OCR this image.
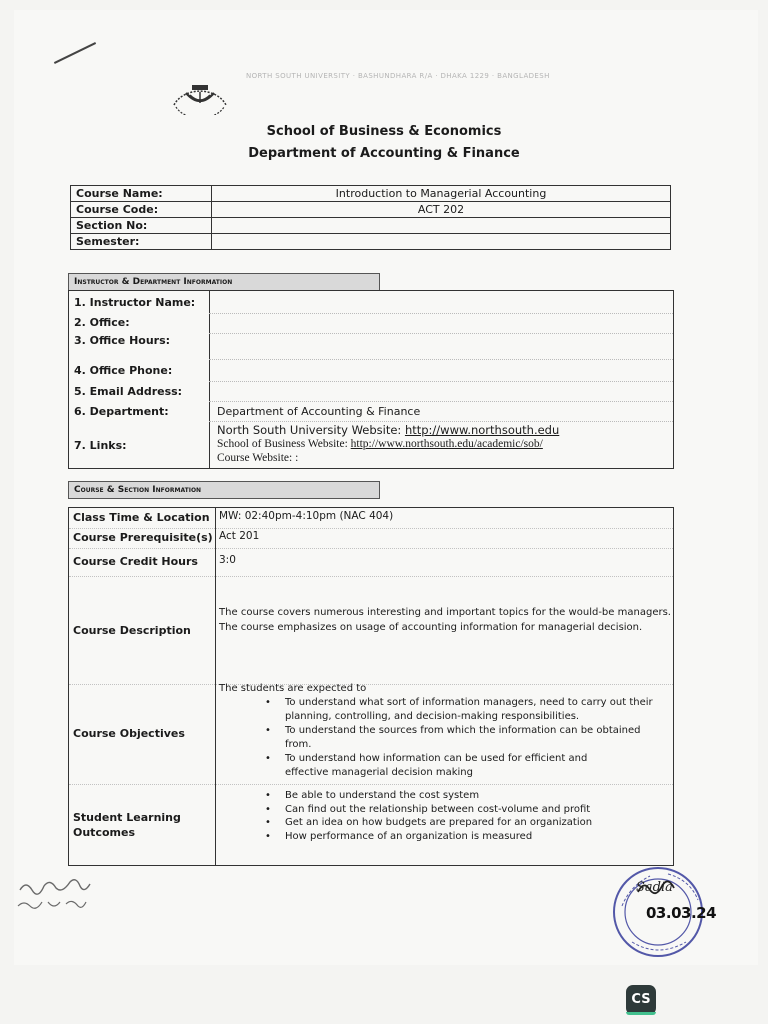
NORTH SOUTH UNIVERSITY · BASHUNDHARA R/A · DHAKA 1229 · BANGLADESH
School of Business & Economics
Department of Accounting & Finance
Course Name:	Introduction to Managerial Accounting
Course Code:	ACT 202
Section No:	
Semester:	
Instructor & Department Information
1. Instructor Name:
2. Office:
3. Office Hours:
4. Office Phone:
5. Email Address:
6. Department:	Department of Accounting & Finance
7. Links:
North South University Website: http://www.northsouth.edu
School of Business Website: http://www.northsouth.edu/academic/sob/
Course Website: :
Course & Section Information
Class Time & Location MW: 02:40pm-4:10pm (NAC 404)
Course Prerequisite(s) Act 201
Course Credit Hours 3:0
Course Description
The course covers numerous interesting and important topics for the would-be managers. The course emphasizes on usage of accounting information for managerial decision.
Course Objectives
The students are expected to
• To understand what sort of information managers, need to carry out their planning, controlling, and decision-making responsibilities.
• To understand the sources from which the information can be obtained from.
• To understand how information can be used for efficient and effective managerial decision making
Student Learning Outcomes
• Be able to understand the cost system
• Can find out the relationship between cost-volume and profit
• Get an idea on how budgets are prepared for an organization
• How performance of an organization is measured
Sadia
03.03.24
CS
